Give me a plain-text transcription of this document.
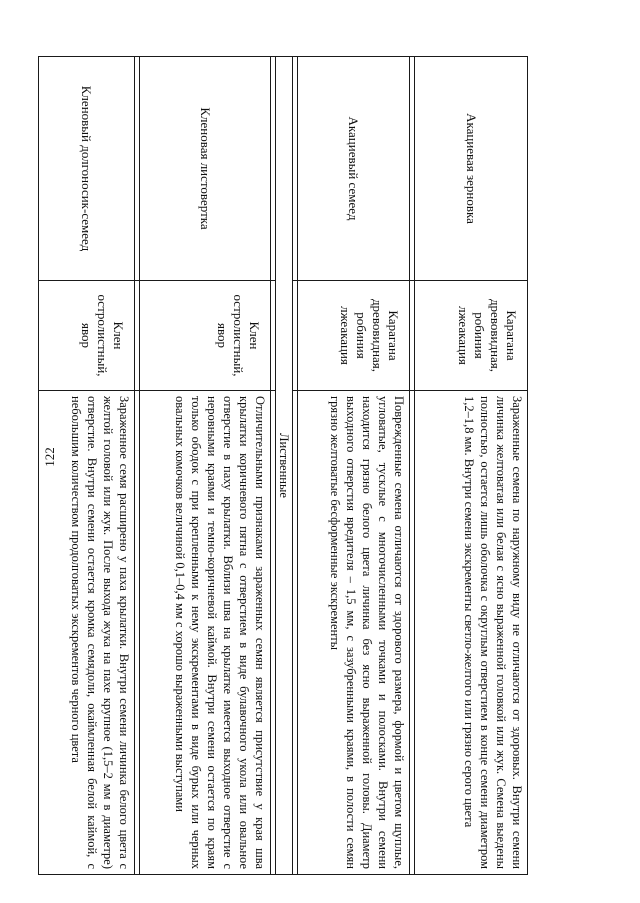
122
Акациевая зерновка	Карагана древовидная, робиния лжеакация	Зараженные семена по наружному виду не отличаются от здоровых. Внутри семени личинка желтоватая или белая с ясно выраженной головкой или жук. Семена выедены полностью, остается лишь оболочка с округлым отверстием в конце семени диаметром 1,2–1,8 мм. Внутри семени экскременты светло-желтого или грязно серого цвета

Акациевый семеед	Карагана древовидная, робиния лжеакация	Поврежденные семена отличаются от здорового размера, формой и цветом щуплые, угловатые, тусклые с многочисленными точками и полосками. Внутри семени находится грязно белого цвета личинка без ясно выраженной головы. Диаметр выходного отверстия вредителя – 1,5 мм, с зазубренными краями, в полости семян грязно желтоватые бесформенные экскременты

Лиственные		

Кленовая листовертка	Клен остролистный, явор	Отличительными признаками зараженных семян является присутствие у края шва крылатки коричневого пятна с отверстием в виде булавочного укола или овальное отверстие в паху крылатки. Вблизи шва на крылатке имеется выходное отверстие с неровными краями и темно-коричневой каймой. Внутри семени остается по краям только ободок с при крепленными к нему экскрементами в виде бурых или черных овальных комочков величиной 0,1–0,4 мм с хорошо выраженными выступами

Кленовый долгоносик-семеед	Клен остролистный, явор	Зараженное семя расширено у паха крылатки. Внутри семени личинка белого цвета с желтой головой или жук. После выхода жука на пахе крупное (1,5–2 мм в диаметре) отверстие. Внутри семени остается кромка семядоли, окаймленная белой каймой, с небольшим количеством продолговатых экскрементов черного цвета
